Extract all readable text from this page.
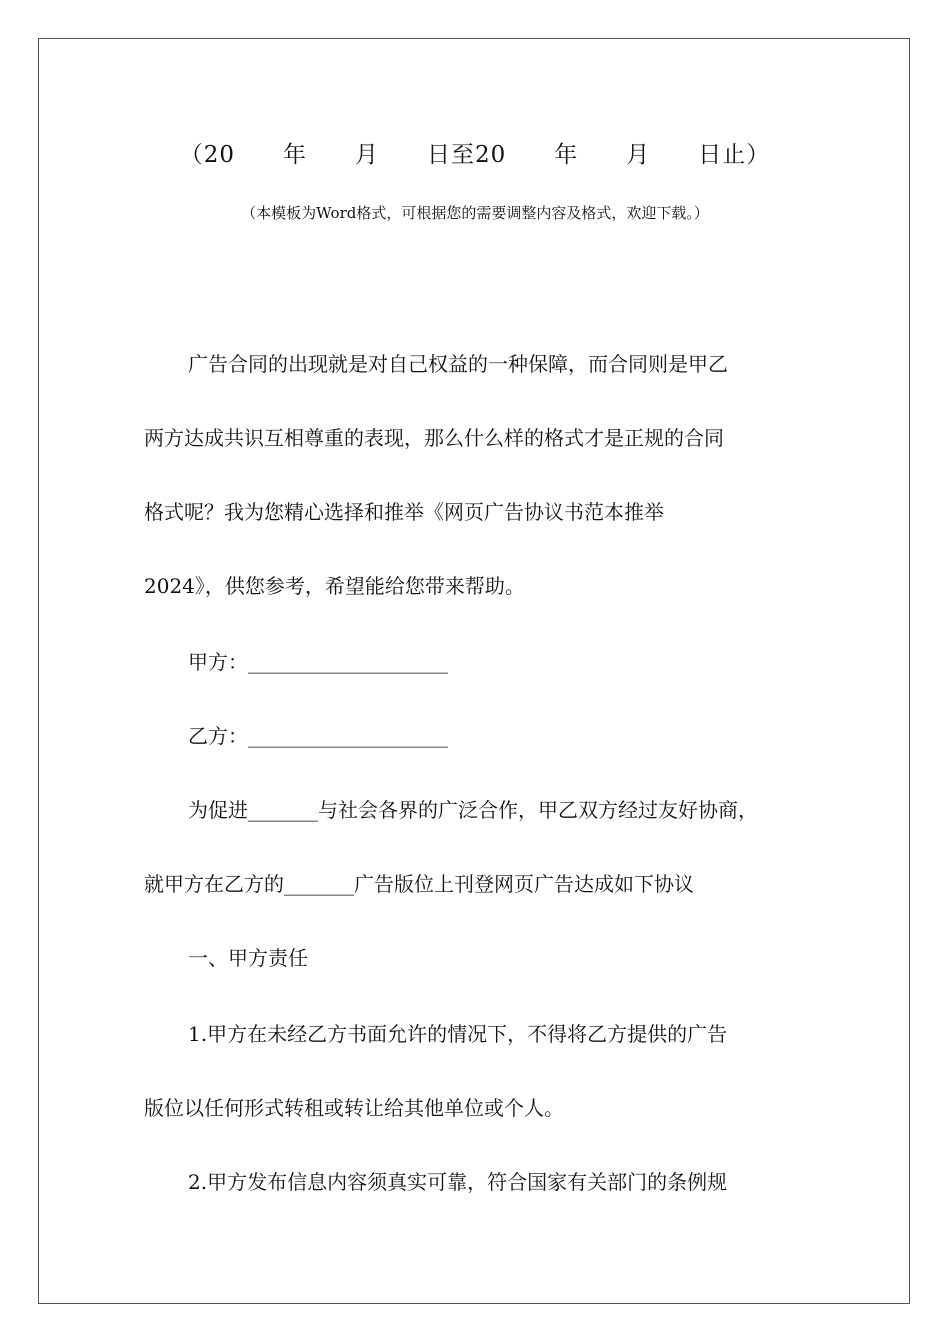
（20　　年　　月　　日至20　　年　　月　　日止）
（本模板为Word格式，可根据您的需要调整内容及格式，欢迎下载。）
广告合同的出现就是对自己权益的一种保障，而合同则是甲乙
两方达成共识互相尊重的表现，那么什么样的格式才是正规的合同
格式呢？我为您精心选择和推举《网页广告协议书范本推举
2024》，供您参考，希望能给您带来帮助。
甲方：____________________
乙方：____________________
为促进_______与社会各界的广泛合作，甲乙双方经过友好协商，
就甲方在乙方的_______广告版位上刊登网页广告达成如下协议
一、甲方责任
1.甲方在未经乙方书面允许的情况下，不得将乙方提供的广告
版位以任何形式转租或转让给其他单位或个人。
2.甲方发布信息内容须真实可靠，符合国家有关部门的条例规
